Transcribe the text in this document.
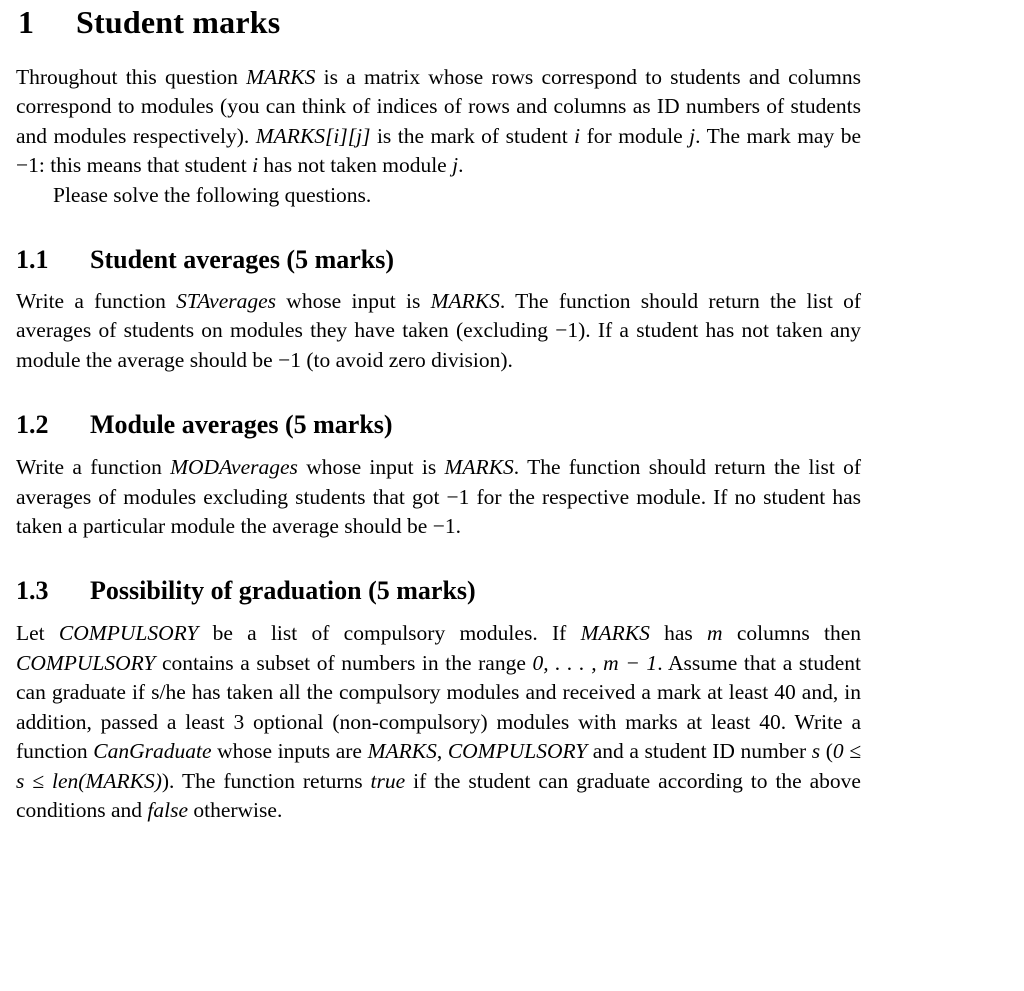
1 Student marks

Throughout this question MARKS is a matrix whose rows correspond to students and columns correspond to modules (you can think of indices of rows and columns as ID numbers of students and modules respectively). MARKS[i][j] is the mark of student i for module j. The mark may be −1: this means that student i has not taken module j.

Please solve the following questions.

1.1 Student averages (5 marks)

Write a function STAverages whose input is MARKS. The function should return the list of averages of students on modules they have taken (excluding −1). If a student has not taken any module the average should be −1 (to avoid zero division).

1.2 Module averages (5 marks)

Write a function MODAverages whose input is MARKS. The function should return the list of averages of modules excluding students that got −1 for the respective module. If no student has taken a particular module the average should be −1.

1.3 Possibility of graduation (5 marks)

Let COMPULSORY be a list of compulsory modules. If MARKS has m columns then COMPULSORY contains a subset of numbers in the range 0, . . . , m − 1. Assume that a student can graduate if s/he has taken all the compulsory modules and received a mark at least 40 and, in addition, passed a least 3 optional (non-compulsory) modules with marks at least 40. Write a function CanGraduate whose inputs are MARKS, COMPULSORY and a student ID number s (0 ≤ s ≤ len(MARKS)). The function returns true if the student can graduate according to the above conditions and false otherwise.
